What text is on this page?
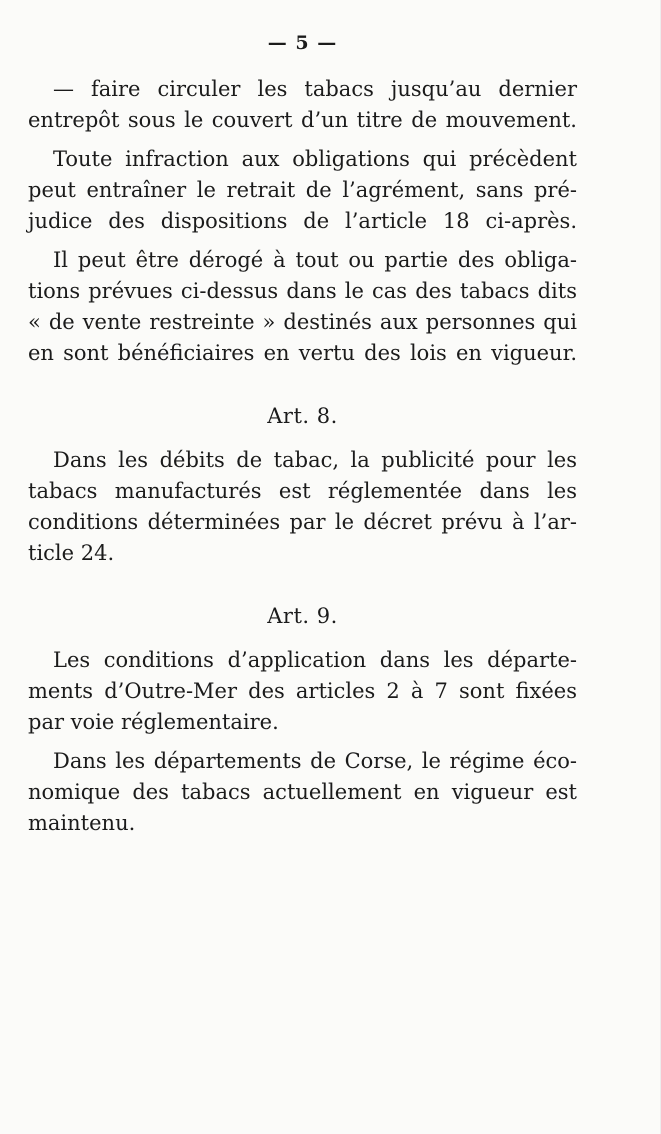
— 5 —
— faire circuler les tabacs jusqu’au dernier
entrepôt sous le couvert d’un titre de mouvement.
Toute infraction aux obligations qui précèdent
peut entraîner le retrait de l’agrément, sans pré-
judice des dispositions de l’article 18 ci-après.
Il peut être dérogé à tout ou partie des obliga-
tions prévues ci-dessus dans le cas des tabacs dits
« de vente restreinte » destinés aux personnes qui
en sont bénéficiaires en vertu des lois en vigueur.
Art. 8.
Dans les débits de tabac, la publicité pour les
tabacs manufacturés est réglementée dans les
conditions déterminées par le décret prévu à l’ar-
ticle 24.
Art. 9.
Les conditions d’application dans les départe-
ments d’Outre-Mer des articles 2 à 7 sont fixées
par voie réglementaire.
Dans les départements de Corse, le régime éco-
nomique des tabacs actuellement en vigueur est
maintenu.
